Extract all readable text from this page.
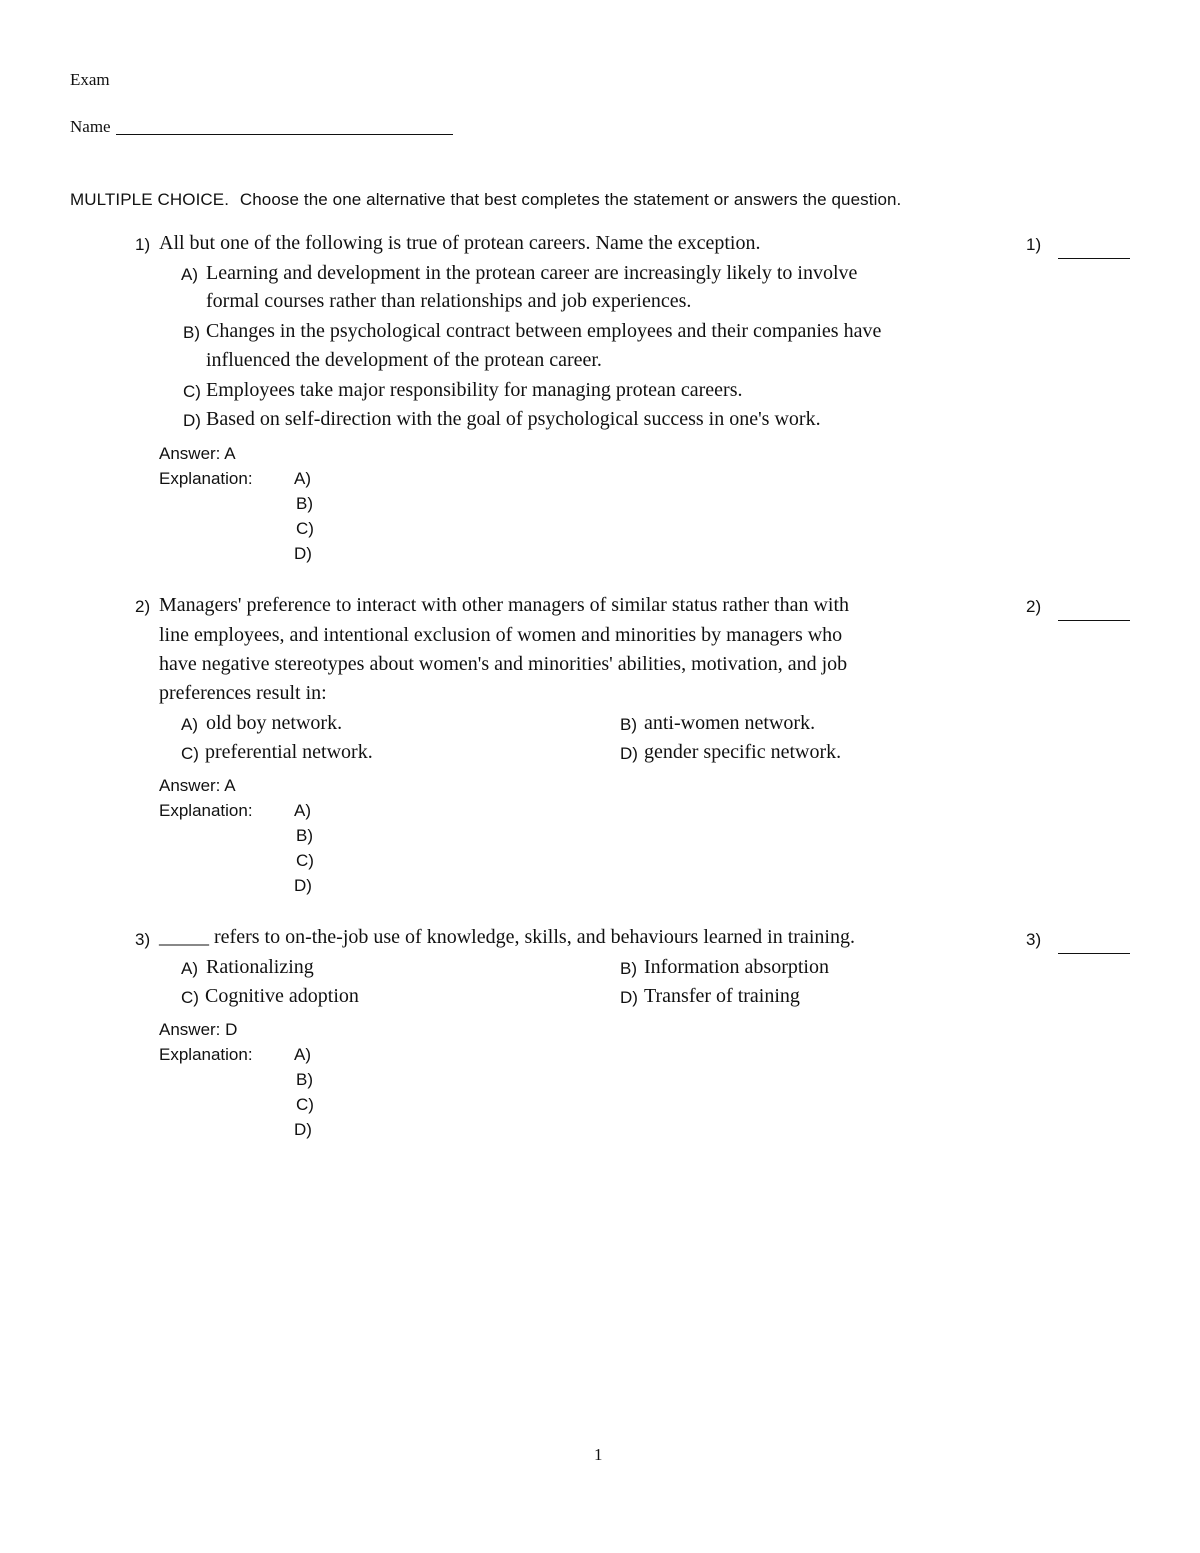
Exam
Name
MULTIPLE CHOICE. Choose the one alternative that best completes the statement or answers the question.
1) All but one of the following is true of protean careers. Name the exception.	1)
A) Learning and development in the protean career are increasingly likely to involve
formal courses rather than relationships and job experiences.
B) Changes in the psychological contract between employees and their companies have
influenced the development of the protean career.
C) Employees take major responsibility for managing protean careers.
D) Based on self-direction with the goal of psychological success in one's work.
Answer: A
Explanation: A)
B)
C)
D)
2) Managers' preference to interact with other managers of similar status rather than with
line employees, and intentional exclusion of women and minorities by managers who
have negative stereotypes about women's and minorities' abilities, motivation, and job
preferences result in:
2)
A) old boy network.	B) anti-women network.
C) preferential network.	D) gender specific network.
Answer: A
Explanation: A)
B)
C)
D)
3) _____ refers to on-the-job use of knowledge, skills, and behaviours learned in training.	3)
A) Rationalizing	B) Information absorption
C) Cognitive adoption	D) Transfer of training
Answer: D
Explanation: A)
B)
C)
D)
1
